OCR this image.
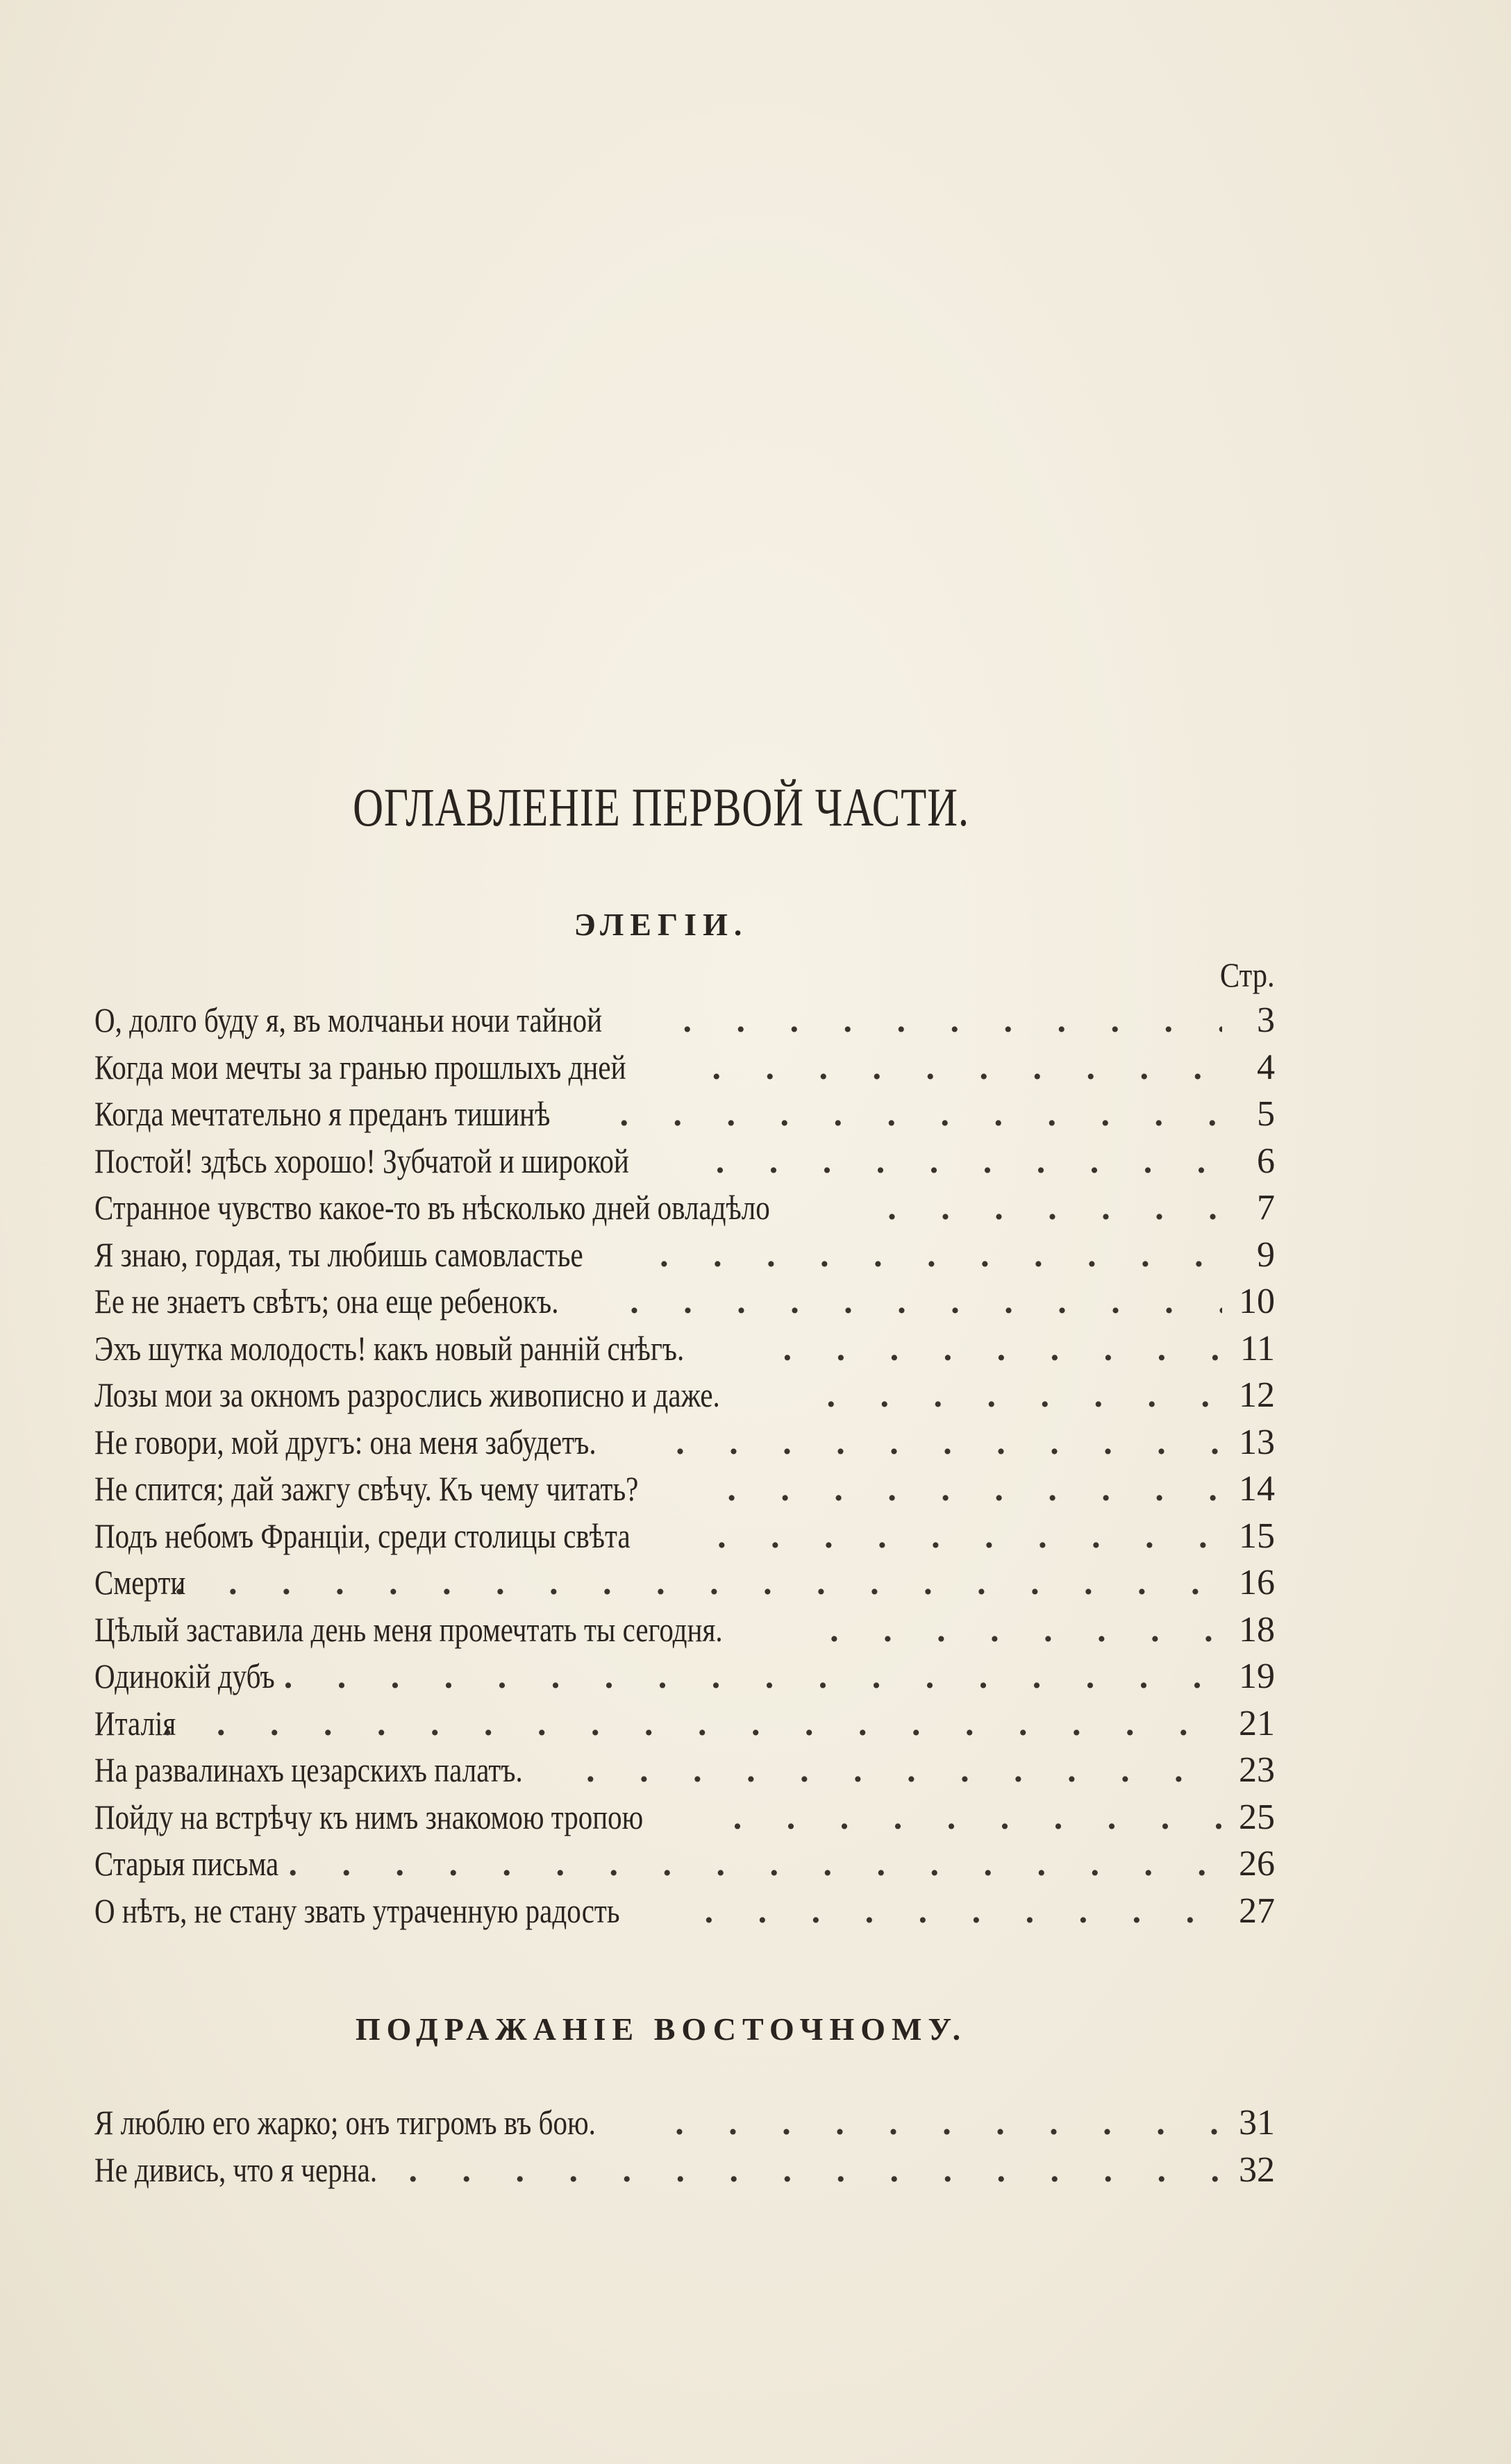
ОГЛАВЛЕНІЕ ПЕРВОЙ ЧАСТИ.
ЭЛЕГІИ.
Стр.
О, долго буду я, въ молчаньи ночи тайной . . .	3
Когда мои мечты за гранью прошлыхъ дней . . .	4
Когда мечтательно я преданъ тишинѣ . . .	5
Постой! здѣсь хорошо! Зубчатой и широкой . . .	6
Странное чувство какое-то въ нѣсколько дней овладѣло . . .	7
Я знаю, гордая, ты любишь самовластье . . .	9
Ее не знаетъ свѣтъ; она еще ребенокъ. . . .	10
Эхъ шутка молодость! какъ новый ранній снѣгъ. . . .	11
Лозы мои за окномъ разрослись живописно и даже. . . .	12
Не говори, мой другъ: она меня забудетъ. . . .	13
Не спится; дай зажгу свѣчу. Къ чему читать? . . .	14
Подъ небомъ Франціи, среди столицы свѣта . . .	15
Смерти . . .	16
Цѣлый заставила день меня промечтать ты сегодня. . . .	18
Одинокій дубъ . . .	19
Италія . . .	21
На развалинахъ цезарскихъ палатъ. . . .	23
Пойду на встрѣчу къ нимъ знакомою тропою . . .	25
Старыя письма . . .	26
О нѣтъ, не стану звать утраченную радость . . .	27
ПОДРАЖАНІЕ ВОСТОЧНОМУ.
Я люблю его жарко; онъ тигромъ въ бою. . . .	31
Не дивись, что я черна. . . .	32
